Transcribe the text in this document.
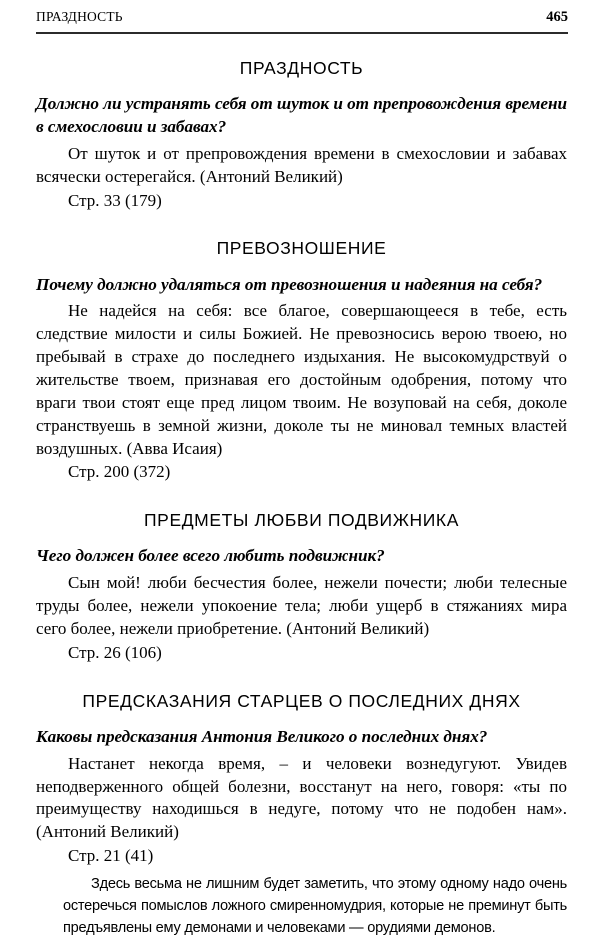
ПРАЗДНОСТЬ	465
ПРАЗДНОСТЬ

Должно ли устранять себя от шуток и от препровождения времени в смехословии и забавах?

От шуток и от препровождения времени в смехословии и забавах всячески остерегайся. (Антоний Великий)

Стр. 33 (179)

ПРЕВОЗНОШЕНИЕ

Почему должно удаляться от превозношения и надеяния на себя?

Не надейся на себя: все благое, совершающееся в тебе, есть следствие милости и силы Божией. Не превозносись верою твоею, но пребывай в страхе до последнего издыхания. Не высокомудрствуй о жительстве твоем, признавая его достойным одобрения, потому что враги твои стоят еще пред лицом твоим. Не возуповай на себя, доколе странствуешь в земной жизни, доколе ты не миновал темных властей воздушных. (Авва Исаия)

Стр. 200 (372)

ПРЕДМЕТЫ ЛЮБВИ ПОДВИЖНИКА

Чего должен более всего любить подвижник?

Сын мой! люби бесчестия более, нежели почести; люби телесные труды более, нежели упокоение тела; люби ущерб в стяжаниях мира сего более, нежели приобретение. (Антоний Великий)

Стр. 26 (106)

ПРЕДСКАЗАНИЯ СТАРЦЕВ О ПОСЛЕДНИХ ДНЯХ

Каковы предсказания Антония Великого о последних днях?

Настанет некогда время, – и человеки вознедугуют. Увидев неподверженного общей болезни, восстанут на него, говоря: «ты по преимуществу находишься в недуге, потому что не подобен нам». (Антоний Великий)

Стр. 21 (41)

Здесь весьма не лишним будет заметить, что этому одному надо очень остеречься помыслов ложного смиренномудрия, которые не преминут быть предъявлены ему демонами и человеками — орудиями демонов.
